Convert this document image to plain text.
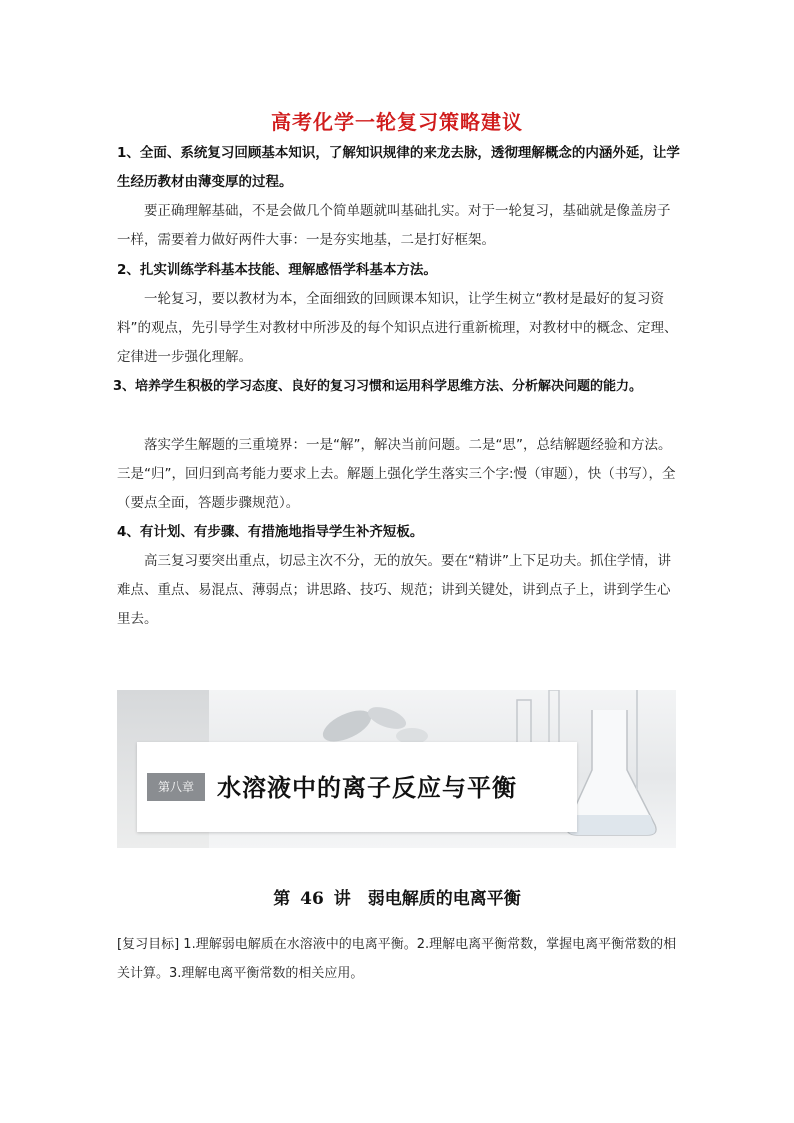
高考化学一轮复习策略建议
1、全面、系统复习回顾基本知识，了解知识规律的来龙去脉，透彻理解概念的内涵外延，让学生经历教材由薄变厚的过程。
要正确理解基础，不是会做几个简单题就叫基础扎实。对于一轮复习，基础就是像盖房子一样，需要着力做好两件大事：一是夯实地基，二是打好框架。
2、扎实训练学科基本技能、理解感悟学科基本方法。
一轮复习，要以教材为本，全面细致的回顾课本知识，让学生树立“教材是最好的复习资料”的观点，先引导学生对教材中所涉及的每个知识点进行重新梳理，对教材中的概念、定理、定律进一步强化理解。
3、培养学生积极的学习态度、良好的复习习惯和运用科学思维方法、分析解决问题的能力。
落实学生解题的三重境界：一是“解”，解决当前问题。二是“思”，总结解题经验和方法。三是“归”，回归到高考能力要求上去。解题上强化学生落实三个字:慢（审题），快（书写），全（要点全面，答题步骤规范）。
4、有计划、有步骤、有措施地指导学生补齐短板。
高三复习要突出重点，切忌主次不分，无的放矢。要在“精讲”上下足功夫。抓住学情，讲难点、重点、易混点、薄弱点；讲思路、技巧、规范；讲到关键处，讲到点子上，讲到学生心里去。
第八章 水溶液中的离子反应与平衡
第 46 讲　弱电解质的电离平衡
[复习目标] 1.理解弱电解质在水溶液中的电离平衡。2.理解电离平衡常数，掌握电离平衡常数的相关计算。3.理解电离平衡常数的相关应用。
